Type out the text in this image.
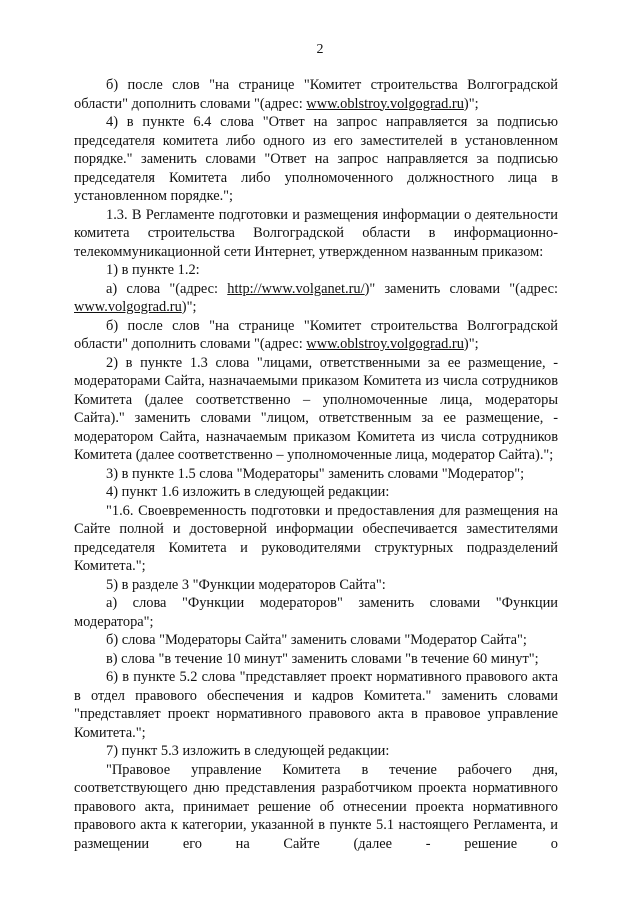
2

б) после слов "на странице "Комитет строительства Волгоградской области" дополнить словами "(адрес: www.oblstroy.volgograd.ru)";

4) в пункте 6.4 слова "Ответ на запрос направляется за подписью председателя комитета либо одного из его заместителей в установленном порядке." заменить словами "Ответ на запрос направляется за подписью председателя Комитета либо уполномоченного должностного лица в установленном порядке.";

1.3. В Регламенте подготовки и размещения информации о деятельности комитета строительства Волгоградской области в информационно-телекоммуникационной сети Интернет, утвержденном названным приказом:

1) в пункте 1.2:

а) слова "(адрес: http://www.volganet.ru/)" заменить словами "(адрес: www.volgograd.ru)";

б) после слов "на странице "Комитет строительства Волгоградской области" дополнить словами "(адрес: www.oblstroy.volgograd.ru)";

2) в пункте 1.3 слова "лицами, ответственными за ее размещение, - модераторами Сайта, назначаемыми приказом Комитета из числа сотрудников Комитета (далее соответственно – уполномоченные лица, модераторы Сайта)." заменить словами "лицом, ответственным за ее размещение, - модератором Сайта, назначаемым приказом Комитета из числа сотрудников Комитета (далее соответственно – уполномоченные лица, модератор Сайта).";

3) в пункте 1.5 слова "Модераторы" заменить словами "Модератор";

4) пункт 1.6 изложить в следующей редакции:

"1.6. Своевременность подготовки и предоставления для размещения на Сайте полной и достоверной информации обеспечивается заместителями председателя Комитета и руководителями структурных подразделений Комитета.";

5) в разделе 3 "Функции модераторов Сайта":

а) слова "Функции модераторов" заменить словами "Функции модератора";

б) слова "Модераторы Сайта" заменить словами "Модератор Сайта";

в) слова "в течение 10 минут" заменить словами "в течение 60 минут";

6) в пункте 5.2 слова "представляет проект нормативного правового акта в отдел правового обеспечения и кадров Комитета." заменить словами "представляет проект нормативного правового акта в правовое управление Комитета.";

7) пункт 5.3 изложить в следующей редакции:

"Правовое управление Комитета в течение рабочего дня, соответствующего дню представления разработчиком проекта нормативного правового акта, принимает решение об отнесении проекта нормативного правового акта к категории, указанной в пункте 5.1 настоящего Регламента, и размещении его на Сайте (далее - решение о
